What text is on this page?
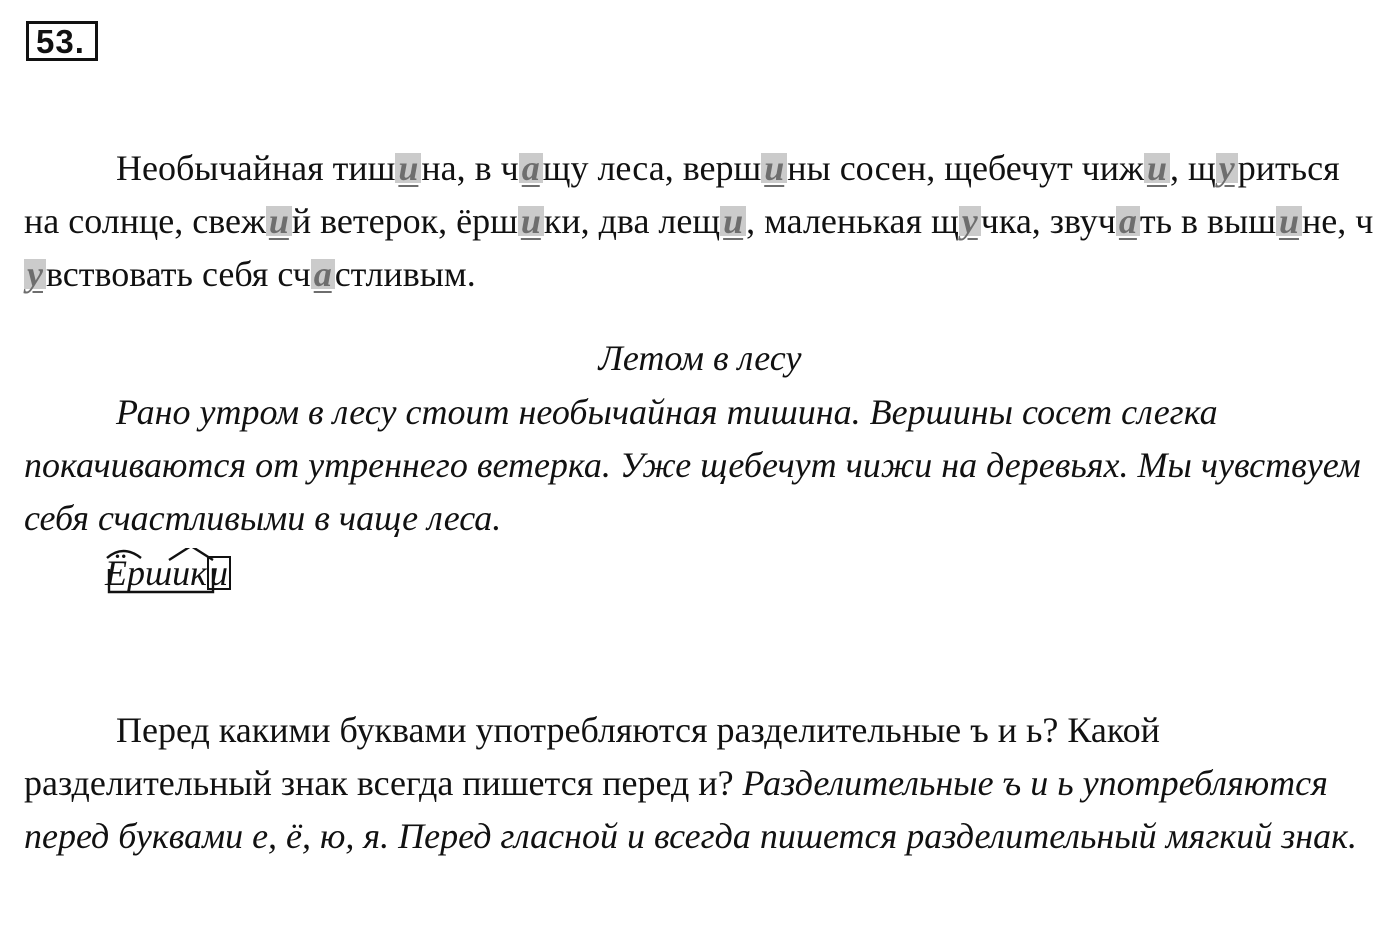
53.
Необычайная тишина, в чащу леса, вершины сосен, щебечут чижи, щуриться на солнце, свежий ветерок, ёршики, два лещи, маленькая щучка, звучать в вышине, чувствовать себя счастливым.
Летом в лесу
Рано утром в лесу стоит необычайная тишина. Вершины сосет слегка покачиваются от утреннего ветерка. Уже щебечут чижи на деревьях. Мы чувствуем себя счастливыми в чаще леса.
Ёршик
и
Перед какими буквами употребляются разделительные ъ и ь? Какой разделительный знак всегда пишется перед и? Разделительные ъ и ь употребляются перед буквами е, ё, ю, я. Перед гласной и всегда пишется разделительный мягкий знак.
